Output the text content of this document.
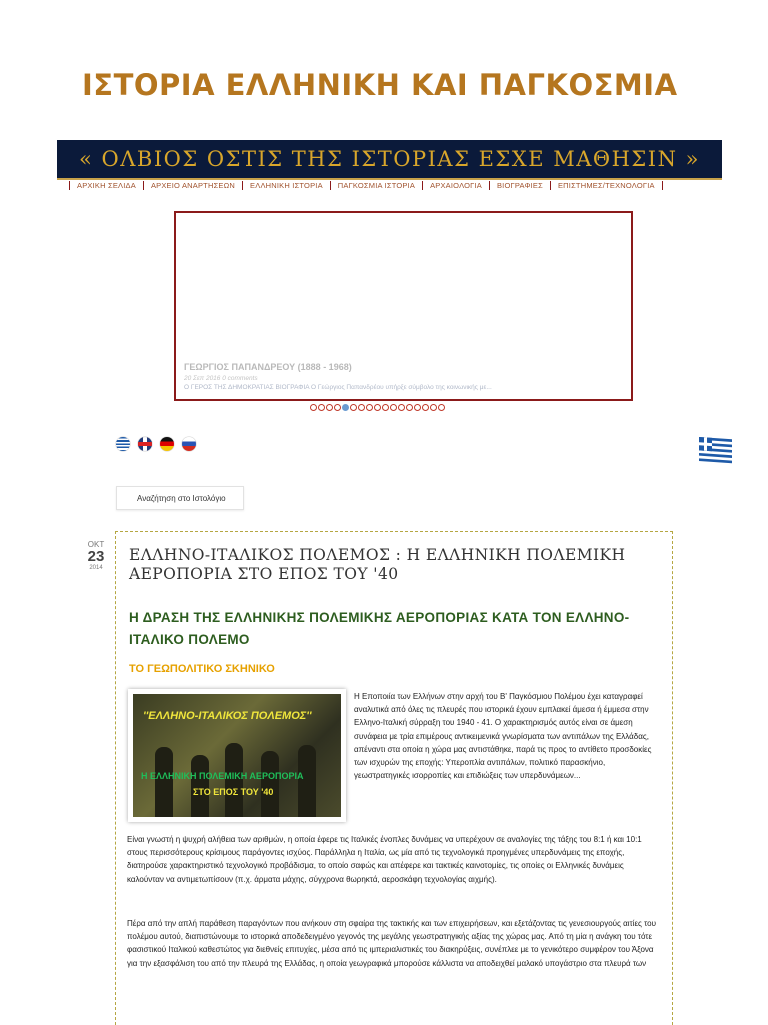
ΙΣΤΟΡΙΑ ΕΛΛΗΝΙΚΗ ΚΑΙ ΠΑΓΚΟΣΜΙΑ
« ΟΛΒΙΟΣ ΟΣΤΙΣ ΤΗΣ ΙΣΤΟΡΙΑΣ ΕΣΧΕ ΜΑΘΗΣΙΝ »
ΑΡΧΙΚΗ ΣΕΛΙΔΑ ΑΡΧΕΙΟ ΑΝΑΡΤΗΣΕΩΝ ΕΛΛΗΝΙΚΗ ΙΣΤΟΡΙΑ ΠΑΓΚΟΣΜΙΑ ΙΣΤΟΡΙΑ ΑΡΧΑΙΟΛΟΓΙΑ ΒΙΟΓΡΑΦΙΕΣ ΕΠΙΣΤΗΜΕΣ/ΤΕΧΝΟΛΟΓΙΑ
ΓΕΩΡΓΙΟΣ ΠΑΠΑΝΔΡΕΟΥ (1888 - 1968)
20 Σεπ 2016 0 comments
Ο ΓΕΡΟΣ ΤΗΣ ΔΗΜΟΚΡΑΤΙΑΣ ΒΙΟΓΡΑΦΙΑ Ο Γεώργιος Παπανδρέου υπήρξε σύμβολο της κοινωνικής με...
Αναζήτηση στο Ιστολόγιο
ΟΚΤ
23
2014
ΕΛΛΗΝΟ-ΙΤΑΛΙΚΟΣ ΠΟΛΕΜΟΣ : Η ΕΛΛΗΝΙΚΗ ΠΟΛΕΜΙΚΗ ΑΕΡΟΠΟΡΙΑ ΣΤΟ ΕΠΟΣ ΤΟΥ '40
Η ΔΡΑΣΗ ΤΗΣ ΕΛΛΗΝΙΚΗΣ ΠΟΛΕΜΙΚΗΣ ΑΕΡΟΠΟΡΙΑΣ ΚΑΤΑ ΤΟΝ ΕΛΛΗΝΟ-ΙΤΑΛΙΚΟ ΠΟΛΕΜΟ
ΤΟ ΓΕΩΠΟΛΙΤΙΚΟ ΣΚΗΝΙΚΟ
''ΕΛΛΗΝΟ-ΙΤΑΛΙΚΟΣ ΠΟΛΕΜΟΣ''
Η ΕΛΛΗΝΙΚΗ ΠΟΛΕΜΙΚΗ ΑΕΡΟΠΟΡΙΑ
ΣΤΟ ΕΠΟΣ ΤΟΥ '40
Η Εποποιία των Ελλήνων στην αρχή του Β' Παγκόσμιου Πολέμου έχει καταγραφεί αναλυτικά από όλες τις πλευρές που ιστορικά έχουν εμπλακεί άμεσα ή έμμεσα στην Ελληνο-Ιταλική σύρραξη του 1940 - 41. Ο χαρακτηρισμός αυτός είναι σε άμεση συνάφεια με τρία επιμέρους αντικειμενικά γνωρίσματα των αντιπάλων της Ελλάδας, απέναντι στα οποία η χώρα μας αντιστάθηκε, παρά τις προς το αντίθετο προσδοκίες των ισχυρών της εποχής: Υπεροπλία αντιπάλων, πολιτικό παρασκήνιο, γεωστρατηγικές ισορροπίες και επιδιώξεις των υπερδυνάμεων...
Είναι γνωστή η ψυχρή αλήθεια των αριθμών, η οποία έφερε τις Ιταλικές ένοπλες δυνάμεις να υπερέχουν σε αναλογίες της τάξης του 8:1 ή και 10:1 στους περισσότερους κρίσιμους παράγοντες ισχύος. Παράλληλα η Ιταλία, ως μία από τις τεχνολογικά προηγμένες υπερδυνάμεις της εποχής, διατηρούσε χαρακτηριστικό τεχνολογικό προβάδισμα, το οποίο σαφώς και απέφερε και τακτικές καινοτομίες, τις οποίες οι Ελληνικές δυνάμεις καλούνταν να αντιμετωπίσουν (π.χ. άρματα μάχης, σύγχρονα θωρηκτά, αεροσκάφη τεχνολογίας αιχμής).
Πέρα από την απλή παράθεση παραγόντων που ανήκουν στη σφαίρα της τακτικής και των επιχειρήσεων, και εξετάζοντας τις γενεσιουργούς αιτίες του πολέμου αυτού, διαπιστώνουμε το ιστορικά αποδεδειγμένο γεγονός της μεγάλης γεωστρατηγικής αξίας της χώρας μας. Από τη μία η ανάγκη του τότε φασιστικού Ιταλικού καθεστώτος για διεθνείς επιτυχίες, μέσα από τις ιμπεριαλιστικές του διακηρύξεις, συνέπλεε με το γενικότερο συμφέρον του Άξονα για την εξασφάλιση του από την πλευρά της Ελλάδας, η οποία γεωγραφικά μπορούσε κάλλιστα να αποδειχθεί μαλακό υπογάστριο στα πλευρά των
